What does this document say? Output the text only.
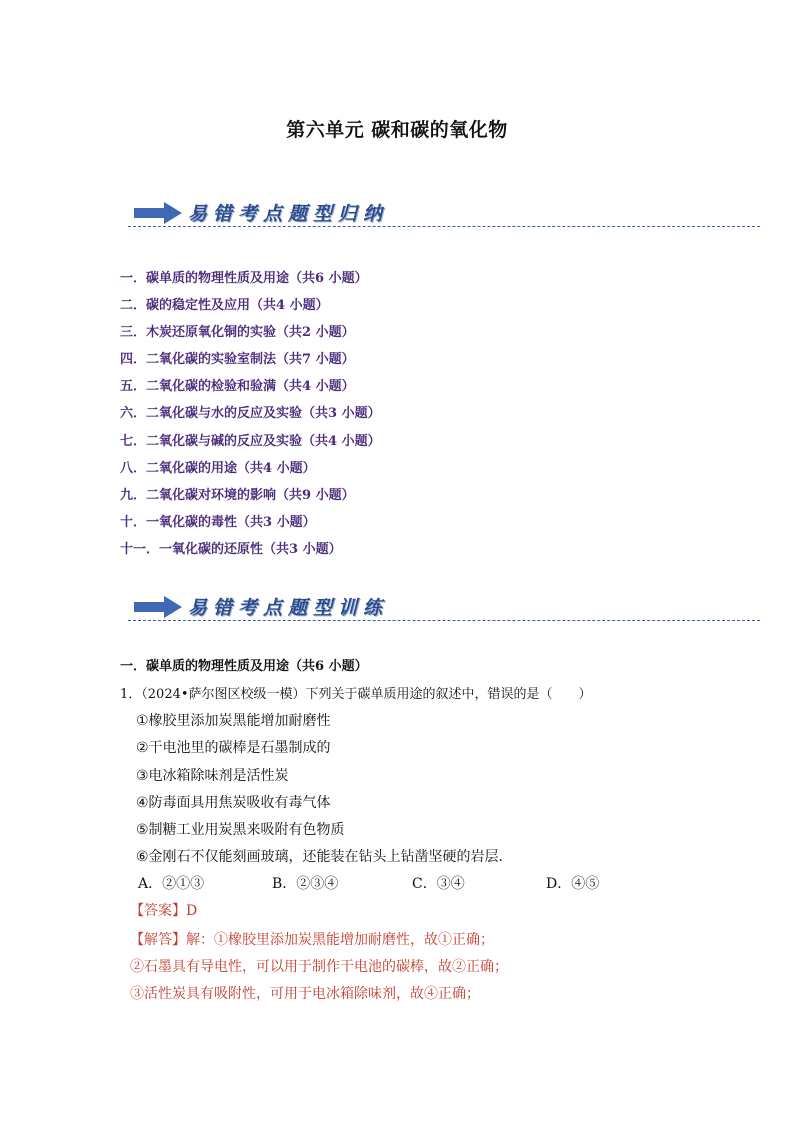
第六单元 碳和碳的氧化物
易错考点题型归纳
一．碳单质的物理性质及用途（共6 小题）
二．碳的稳定性及应用（共4 小题）
三．木炭还原氧化铜的实验（共2 小题）
四．二氧化碳的实验室制法（共7 小题）
五．二氧化碳的检验和验满（共4 小题）
六．二氧化碳与水的反应及实验（共3 小题）
七．二氧化碳与碱的反应及实验（共4 小题）
八．二氧化碳的用途（共4 小题）
九．二氧化碳对环境的影响（共9 小题）
十．一氧化碳的毒性（共3 小题）
十一．一氧化碳的还原性（共3 小题）
易错考点题型训练
一．碳单质的物理性质及用途（共6 小题）
1．（2024•萨尔图区校级一模）下列关于碳单质用途的叙述中，错误的是（　　）
①橡胶里添加炭黑能增加耐磨性
②干电池里的碳棒是石墨制成的
③电冰箱除味剂是活性炭
④防毒面具用焦炭吸收有毒气体
⑤制糖工业用炭黑来吸附有色物质
⑥金刚石不仅能刻画玻璃，还能装在钻头上钻凿坚硬的岩层．
A．②①③	B．②③④	C．③④	D．④⑤
【答案】D
【解答】解：①橡胶里添加炭黑能增加耐磨性，故①正确；
②石墨具有导电性，可以用于制作干电池的碳棒，故②正确；
③活性炭具有吸附性，可用于电冰箱除味剂，故④正确；
